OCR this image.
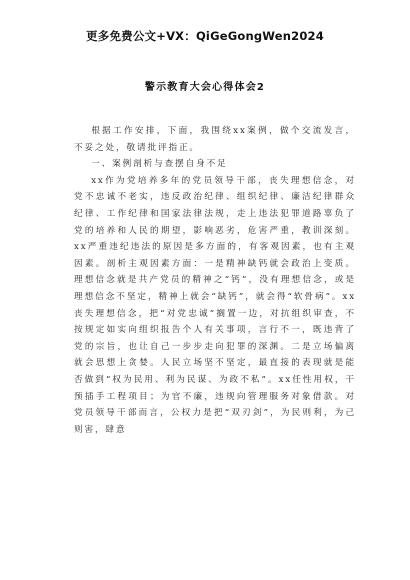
更多免费公文+VX：QiGeGongWen2024
警示教育大会心得体会2

根据工作安排，下面，我围绕xx案例，做个交流发言，不妥之处，敬请批评指正。

一、案例剖析与查摆自身不足

xx作为党培养多年的党员领导干部，丧失理想信念，对党不忠诚不老实，违反政治纪律、组织纪律、廉洁纪律群众纪律、工作纪律和国家法律法规，走上违法犯罪道路辜负了党的培养和人民的期望，影响恶劣，危害严重，教训深刻。xx严重违纪违法的原因是多方面的，有客观因素，也有主观因素。剖析主观因素方面：一是精神缺钙就会政治上变质。理想信念就是共产党员的精神之“钙”，没有理想信念，或是理想信念不坚定，精神上就会“缺钙”，就会得“软骨病”。xx丧失理想信念，把“对党忠诚”搁置一边，对抗组织审查，不按规定如实向组织报告个人有关事项，言行不一，既违背了党的宗旨，也让自己一步步走向犯罪的深渊。二是立场偏离就会思想上贪婪。人民立场坚不坚定，最直接的表现就是能否做到“权为民用、利为民谋、为政不私”。xx任性用权，干预插手工程项目；为官不廉，违规向管理服务对象借款。对党员领导干部而言，公权力是把“双刃剑”，为民则利，为己则害，肆意
